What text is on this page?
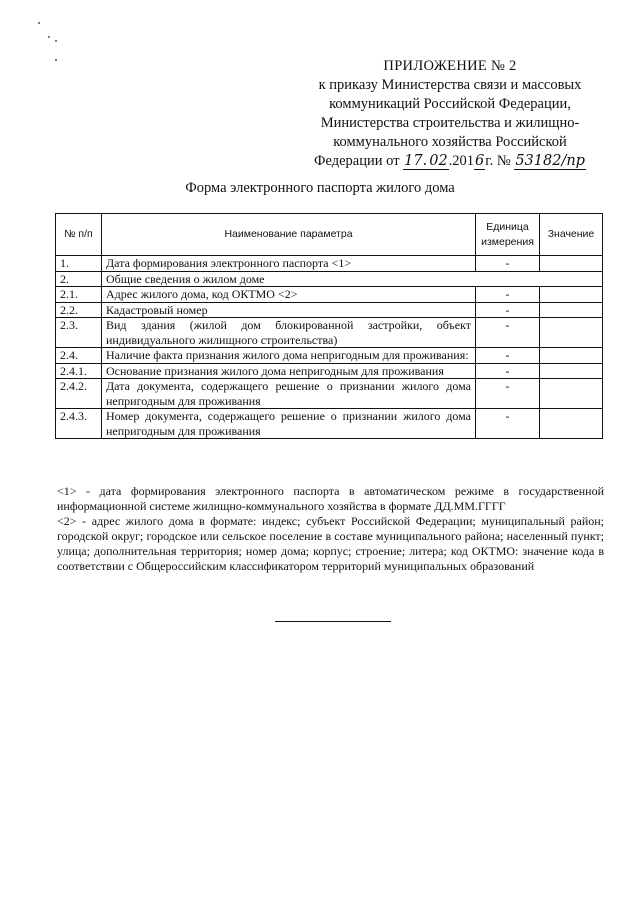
ПРИЛОЖЕНИЕ № 2
к приказу Министерства связи и массовых
коммуникаций Российской Федерации,
Министерства строительства и жилищно-
коммунального хозяйства Российской
Федерации от 17. 02.2016г. № 53182/пр
Форма электронного паспорта жилого дома
№ п/п	Наименование параметра	Единица измерения	Значение
1.	Дата формирования электронного паспорта <1>	-	
2.	Общие сведения о жилом доме		
2.1.	Адрес жилого дома, код ОКТМО <2>	-	
2.2.	Кадастровый номер	-	
2.3.	Вид здания (жилой дом блокированной застройки, объект индивидуального жилищного строительства)	-	
2.4.	Наличие факта признания жилого дома непригодным для проживания:	-	
2.4.1.	Основание признания жилого дома непригодным для проживания	-	
2.4.2.	Дата документа, содержащего решение о признании жилого дома непригодным для проживания	-	
2.4.3.	Номер документа, содержащего решение о признании жилого дома непригодным для проживания	-	

<1> - дата формирования электронного паспорта в автоматическом режиме в государственной информационной системе жилищно-коммунального хозяйства в формате ДД.ММ.ГГГГ

<2> - адрес жилого дома в формате: индекс; субъект Российской Федерации; муниципальный район; городской округ; городское или сельское поселение в составе муниципального района; населенный пункт; улица; дополнительная территория; номер дома; корпус; строение; литера; код ОКТМО: значение кода в соответствии с Общероссийским классификатором территорий муниципальных образований
